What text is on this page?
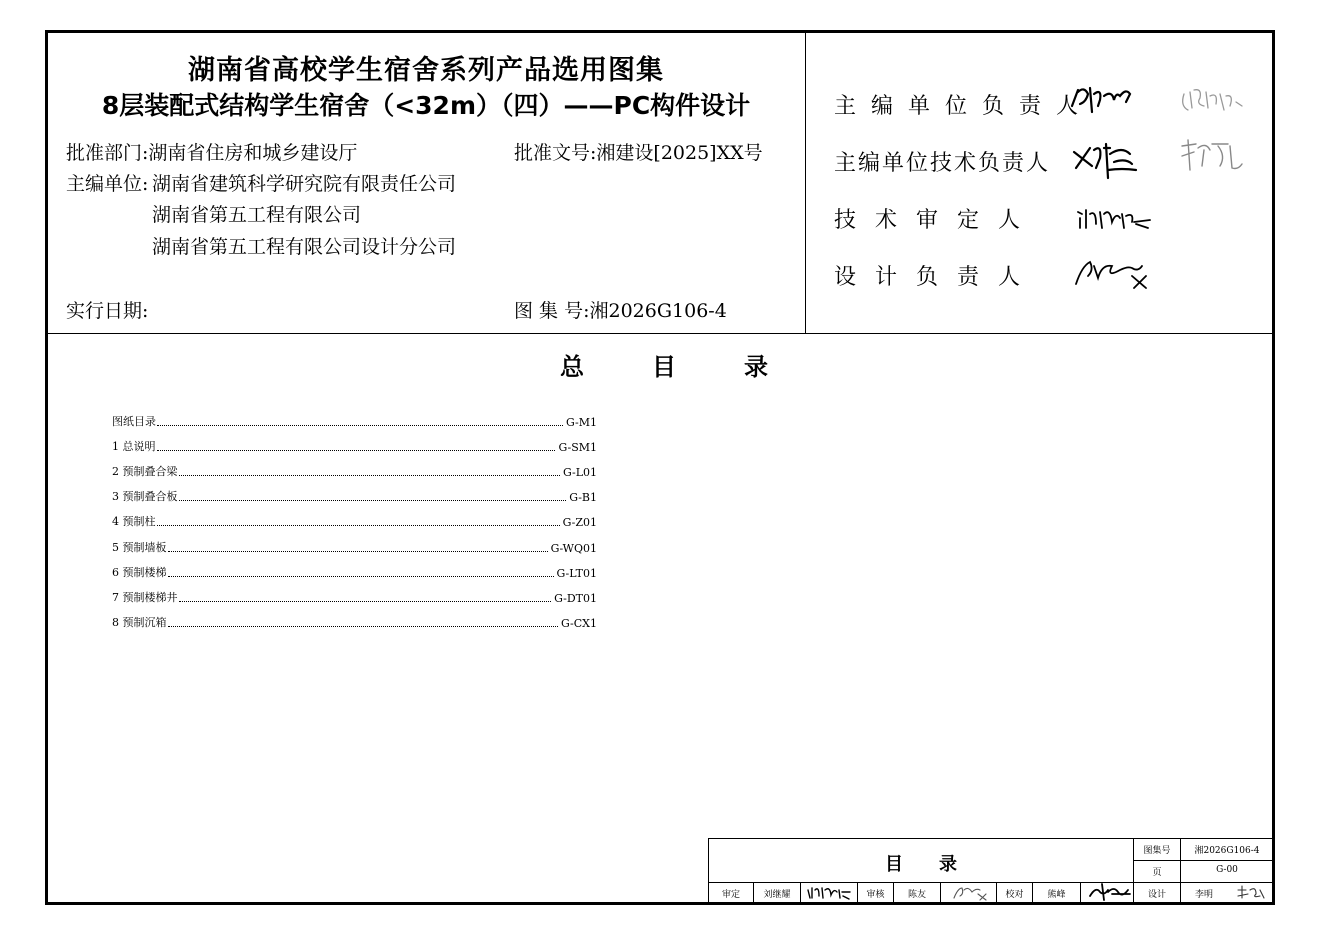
湖南省高校学生宿舍系列产品选用图集
8层装配式结构学生宿舍（<32m）（四）——PC构件设计
批准部门:湖南省住房和城乡建设厅	批准文号:湘建设[2025]XX号
主编单位: 湖南省建筑科学研究院有限责任公司
湖南省第五工程有限公司
湖南省第五工程有限公司设计分公司
实行日期:	图 集 号:湘2026G106-4
主编单位负责人
主编单位技术负责人
技术审定人
设计负责人
总	目	录
图纸目录	G-M1
1 总说明	G-SM1
2 预制叠合梁	G-L01
3 预制叠合板	G-B1
4 预制柱	G-Z01
5 预制墙板	G-WQ01
6 预制楼梯	G-LT01
7 预制楼梯井	G-DT01
8 预制沉箱	G-CX1
目　　录
图集号	湘2026G106-4
页	G-00
审定	刘继耀	审核	陈友	校对	熊峰	设计	李明
